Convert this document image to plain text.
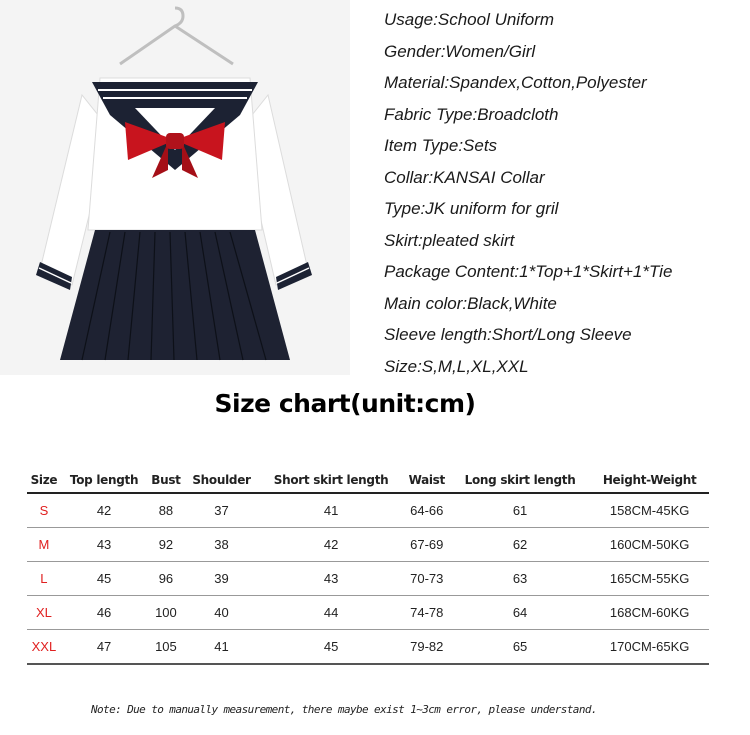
Usage:School Uniform
Gender:Women/Girl
Material:Spandex,Cotton,Polyester
Fabric Type:Broadcloth
Item Type:Sets
Collar:KANSAI Collar
Type:JK uniform for gril
Skirt:pleated skirt
Package Content:1*Top+1*Skirt+1*Tie
Main color:Black,White
Sleeve length:Short/Long Sleeve
Size:S,M,L,XL,XXL
Size chart(unit:cm)
Size	Top length	Bust	Shoulder	Short skirt length	Waist	Long skirt length	Height-Weight
S	42	88	37	41	64-66	61	158CM-45KG
M	43	92	38	42	67-69	62	160CM-50KG
L	45	96	39	43	70-73	63	165CM-55KG
XL	46	100	40	44	74-78	64	168CM-60KG
XXL	47	105	41	45	79-82	65	170CM-65KG
Note: Due to manually measurement, there maybe exist 1~3cm error, please understand.
